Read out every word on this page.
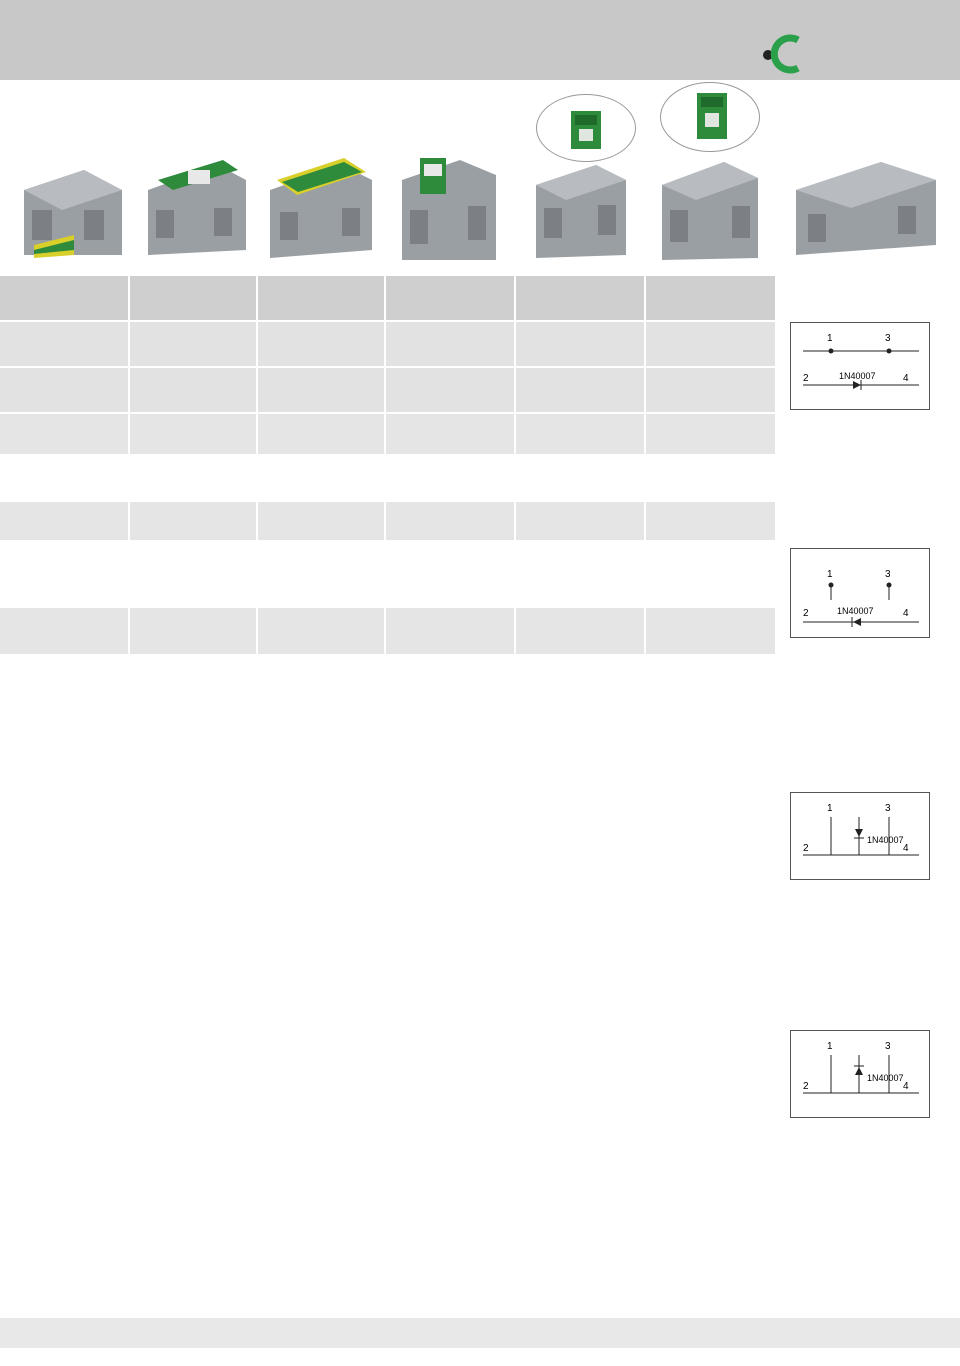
1	3
2	4
1N40007
1	3
2	4
1N40007
1	3
2	4
1N40007
1	3
2	4
1N40007
